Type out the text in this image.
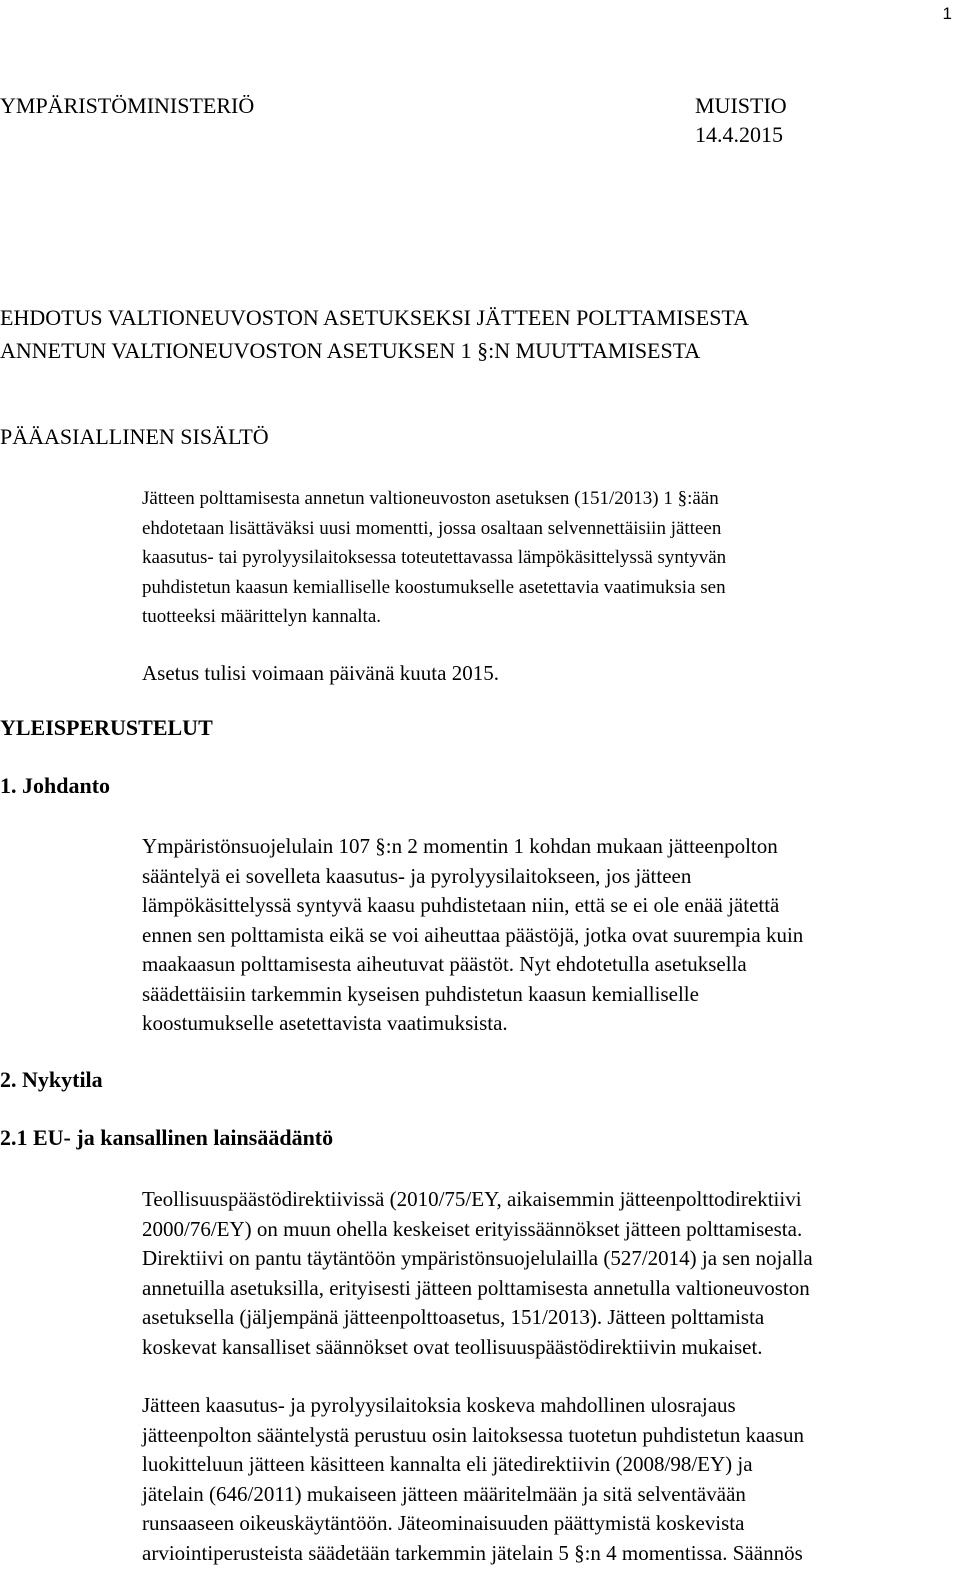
1
YMPÄRISTÖMINISTERIÖ	MUISTIO
14.4.2015
EHDOTUS VALTIONEUVOSTON ASETUKSEKSI JÄTTEEN POLTTAMISESTA
ANNETUN VALTIONEUVOSTON ASETUKSEN 1 §:N MUUTTAMISESTA
PÄÄASIALLINEN SISÄLTÖ
Jätteen polttamisesta annetun valtioneuvoston asetuksen (151/2013) 1 §:ään
ehdotetaan lisättäväksi uusi momentti, jossa osaltaan selvennettäisiin jätteen
kaasutus- tai pyrolyysilaitoksessa toteutettavassa lämpökäsittelyssä syntyvän
puhdistetun kaasun kemialliselle koostumukselle asetettavia vaatimuksia sen
tuotteeksi määrittelyn kannalta.
Asetus tulisi voimaan päivänä kuuta 2015.
YLEISPERUSTELUT
1. Johdanto
Ympäristönsuojelulain 107 §:n 2 momentin 1 kohdan mukaan jätteenpolton
sääntelyä ei sovelleta kaasutus- ja pyrolyysilaitokseen, jos jätteen
lämpökäsittelyssä syntyvä kaasu puhdistetaan niin, että se ei ole enää jätettä
ennen sen polttamista eikä se voi aiheuttaa päästöjä, jotka ovat suurempia kuin
maakaasun polttamisesta aiheutuvat päästöt. Nyt ehdotetulla asetuksella
säädettäisiin tarkemmin kyseisen puhdistetun kaasun kemialliselle
koostumukselle asetettavista vaatimuksista.
2. Nykytila
2.1 EU- ja kansallinen lainsäädäntö
Teollisuuspäästödirektiivissä (2010/75/EY, aikaisemmin jätteenpolttodirektiivi
2000/76/EY) on muun ohella keskeiset erityissäännökset jätteen polttamisesta.
Direktiivi on pantu täytäntöön ympäristönsuojelulailla (527/2014) ja sen nojalla
annetuilla asetuksilla, erityisesti jätteen polttamisesta annetulla valtioneuvoston
asetuksella (jäljempänä jätteenpolttoasetus, 151/2013). Jätteen polttamista
koskevat kansalliset säännökset ovat teollisuuspäästödirektiivin mukaiset.
Jätteen kaasutus- ja pyrolyysilaitoksia koskeva mahdollinen ulosrajaus
jätteenpolton sääntelystä perustuu osin laitoksessa tuotetun puhdistetun kaasun
luokitteluun jätteen käsitteen kannalta eli jätedirektiivin (2008/98/EY) ja
jätelain (646/2011) mukaiseen jätteen määritelmään ja sitä selventävään
runsaaseen oikeuskäytäntöön. Jäteominaisuuden päättymistä koskevista
arviointiperusteista säädetään tarkemmin jätelain 5 §:n 4 momentissa. Säännös
